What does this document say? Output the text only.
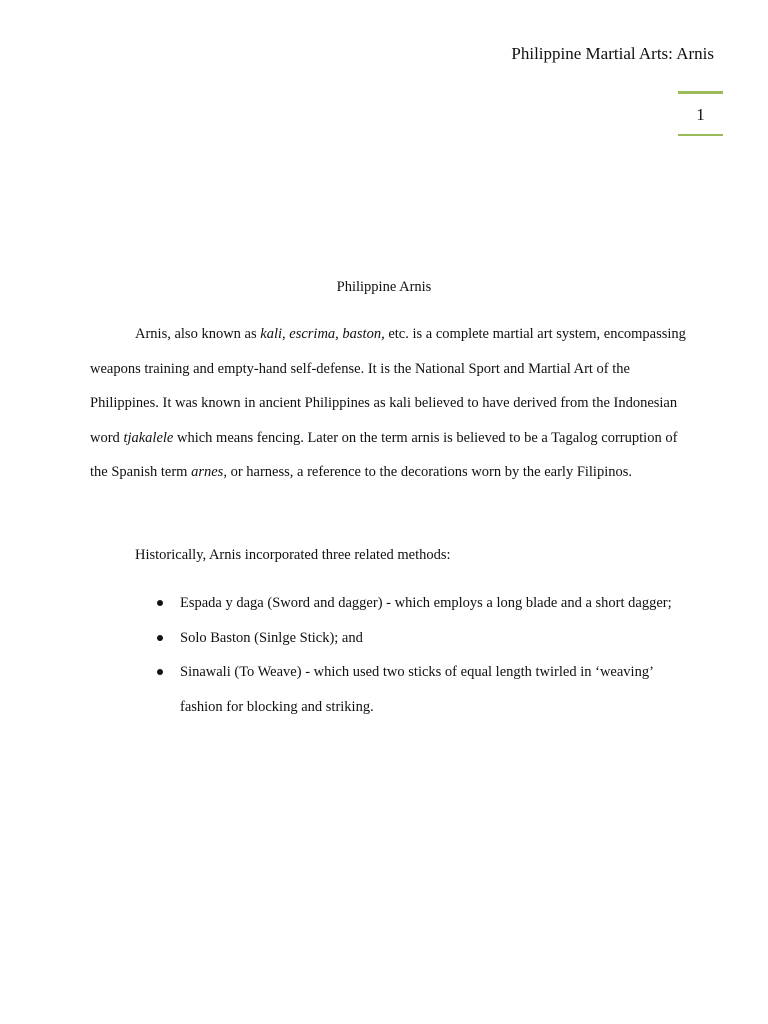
Philippine Martial Arts: Arnis
1
Philippine Arnis

Arnis, also known as kali, escrima, baston, etc. is a complete martial art system, encompassing weapons training and empty-hand self-defense. It is the National Sport and Martial Art of the Philippines. It was known in ancient Philippines as kali believed to have derived from the Indonesian word tjakalele which means fencing. Later on the term arnis is believed to be a Tagalog corruption of the Spanish term arnes, or harness, a reference to the decorations worn by the early Filipinos.

Historically, Arnis incorporated three related methods:

Espada y daga (Sword and dagger) - which employs a long blade and a short dagger;
Solo Baston (Sinlge Stick); and
Sinawali (To Weave) - which used two sticks of equal length twirled in ‘weaving’ fashion for blocking and striking.
